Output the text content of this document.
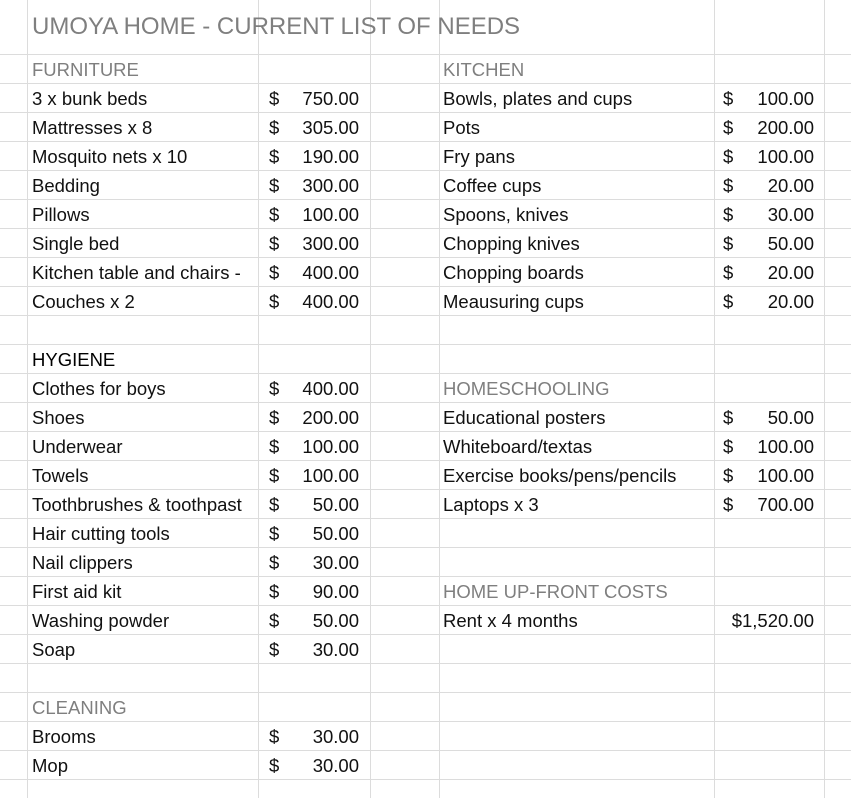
UMOYA HOME - CURRENT LIST OF NEEDS
FURNITURE
3 x bunk beds	$	750.00
Mattresses x 8	$	305.00
Mosquito nets x 10	$	190.00
Bedding	$	300.00
Pillows	$	100.00
Single bed	$	300.00
Kitchen table and chairs -	$	400.00
Couches x 2	$	400.00
KITCHEN
Bowls, plates and cups	$	100.00
Pots	$	200.00
Fry pans	$	100.00
Coffee cups	$	20.00
Spoons, knives	$	30.00
Chopping knives	$	50.00
Chopping boards	$	20.00
Meausuring cups	$	20.00
HYGIENE
Clothes for boys	$	400.00
Shoes	$	200.00
Underwear	$	100.00
Towels	$	100.00
Toothbrushes & toothpast	$	50.00
Hair cutting tools	$	50.00
Nail clippers	$	30.00
First aid kit	$	90.00
Washing powder	$	50.00
Soap	$	30.00
HOMESCHOOLING
Educational posters	$	50.00
Whiteboard/textas	$	100.00
Exercise books/pens/pencils	$	100.00
Laptops x 3	$	700.00
HOME UP-FRONT COSTS
Rent x 4 months	$1,520.00
CLEANING
Brooms	$	30.00
Mop	$	30.00
